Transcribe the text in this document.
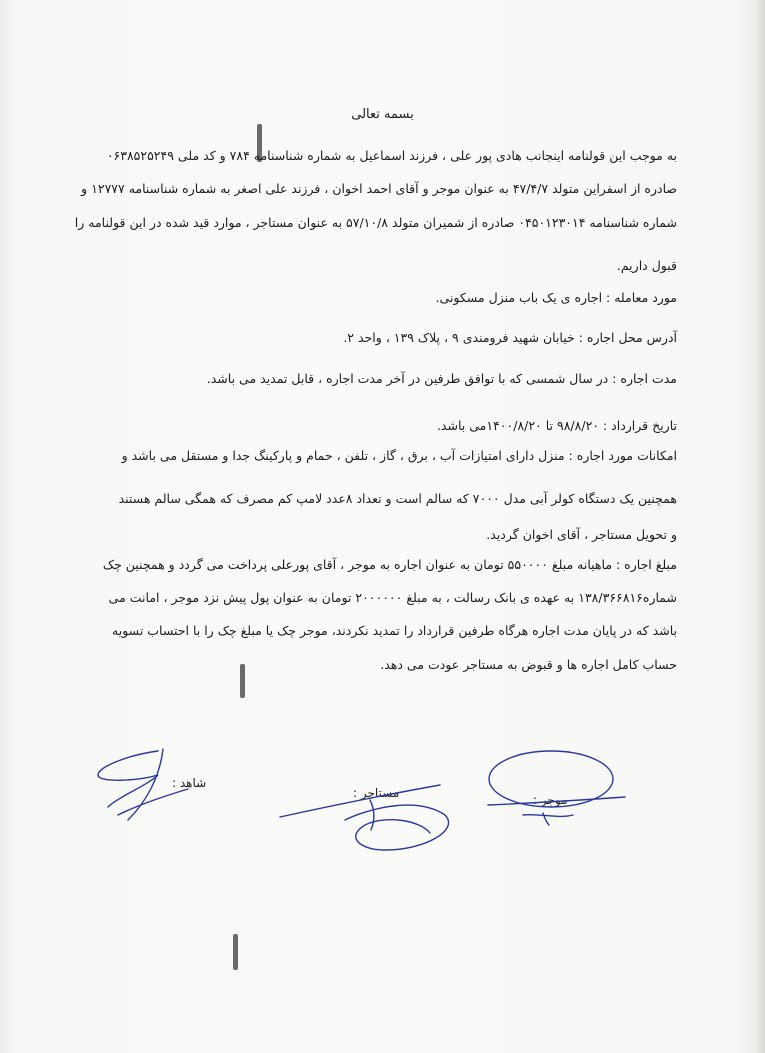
بسمه تعالی
به موجب این قولنامه اینجانب هادی پور علی ، فرزند اسماعیل به شماره شناسنامه ۷۸۴ و کد ملی ۰۶۳۸۵۲۵۲۴۹
صادره از اسفراین متولد ۴۷/۴/۷ به عنوان موجر و آقای احمد اخوان ، فرزند علی اصغر به شماره شناسنامه ۱۲۷۷۷ و
شماره شناسنامه ۰۴۵۰۱۲۳۰۱۴ صادره از شمیران متولد ۵۷/۱۰/۸ به عنوان مستاجر ، موارد قید شده در این قولنامه را
قبول داریم.
مورد معامله : اجاره ی یک باب منزل مسکونی.
آدرس محل اجاره : خیابان شهید فرومندی ۹ ، پلاک ۱۳۹ ، واحد ۲.
مدت اجاره : در سال شمسی که با توافق طرفین در آخر مدت اجاره ، قابل تمدید می باشد.
تاریخ قرارداد : ۹۸/۸/۲۰ تا ۱۴۰۰/۸/۲۰می باشد.
امکانات مورد اجاره : منزل دارای امتیازات آب ، برق ، گاز ، تلفن ، حمام و پارکینگ جدا و مستقل می باشد و
همچنین یک دستگاه کولر آبی مدل ۷۰۰۰ که سالم است و تعداد ۸عدد لامپ کم مصرف که همگی سالم هستند
و تحویل مستاجر ، آقای اخوان گردید.
مبلغ اجاره : ماهیانه مبلغ ۵۵۰۰۰۰ تومان به عنوان اجاره به موجر ، آقای پورعلی پرداخت می گردد و همچنین چک
شماره۱۳۸/۳۶۶۸۱۶ به عهده ی بانک رسالت ، به مبلغ ۲۰۰۰۰۰۰ تومان به عنوان پول پیش نزد موجر ، امانت می
باشد که در پایان مدت اجاره هرگاه طرفین قرارداد را تمدید نکردند، موجر چک یا مبلغ چک را با احتساب تسویه
حساب کامل اجاره ها و قبوض به مستاجر عودت می دهد.
شاهد :
مستاجر :	موجر :
